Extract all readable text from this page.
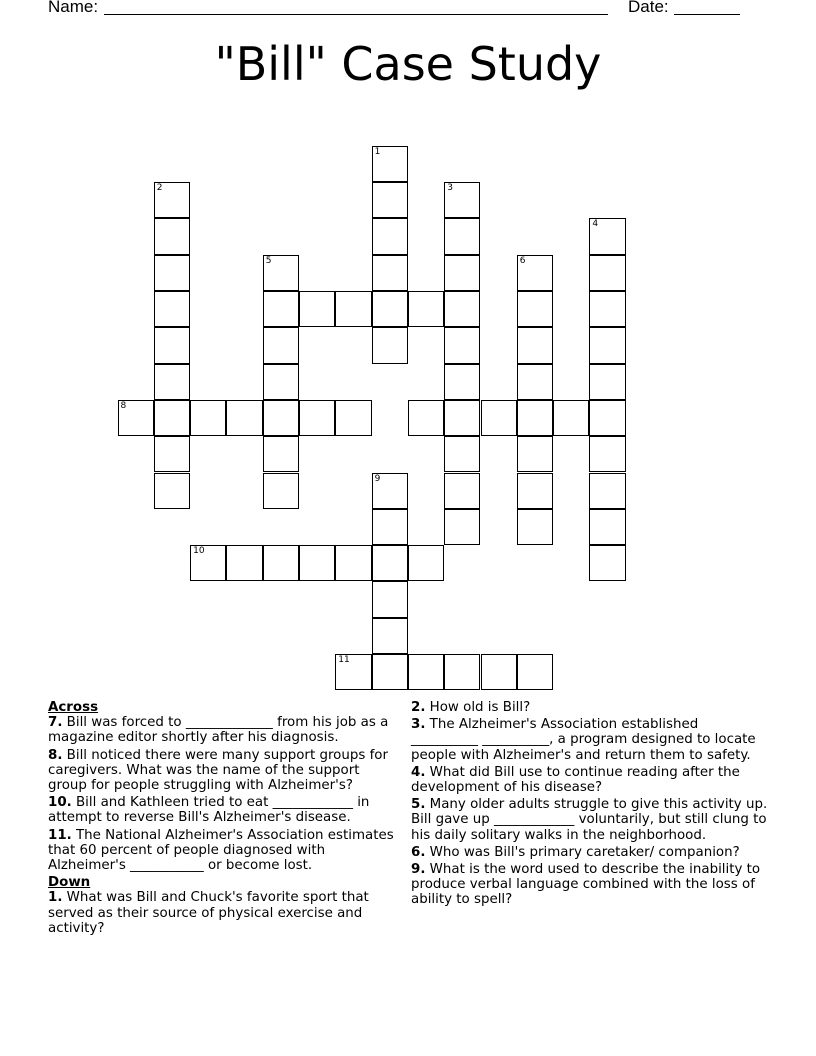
Name:	Date:
"Bill" Case Study
1
2	3
4
5	6
8
9
10
11

Across

7. Bill was forced to _____________ from his job as a magazine editor shortly after his diagnosis.

8. Bill noticed there were many support groups for caregivers. What was the name of the support group for people struggling with Alzheimer's?

10. Bill and Kathleen tried to eat ____________ in attempt to reverse Bill's Alzheimer's disease.

11. The National Alzheimer's Association estimates that 60 percent of people diagnosed with Alzheimer's ___________ or become lost.

Down

1. What was Bill and Chuck's favorite sport that served as their source of physical exercise and activity?

2. How old is Bill?

3. The Alzheimer's Association established __________ __________, a program designed to locate people with Alzheimer's and return them to safety.

4. What did Bill use to continue reading after the development of his disease?

5. Many older adults struggle to give this activity up. Bill gave up ____________ voluntarily, but still clung to his daily solitary walks in the neighborhood.

6. Who was Bill's primary caretaker/ companion?

9. What is the word used to describe the inability to produce verbal language combined with the loss of ability to spell?
